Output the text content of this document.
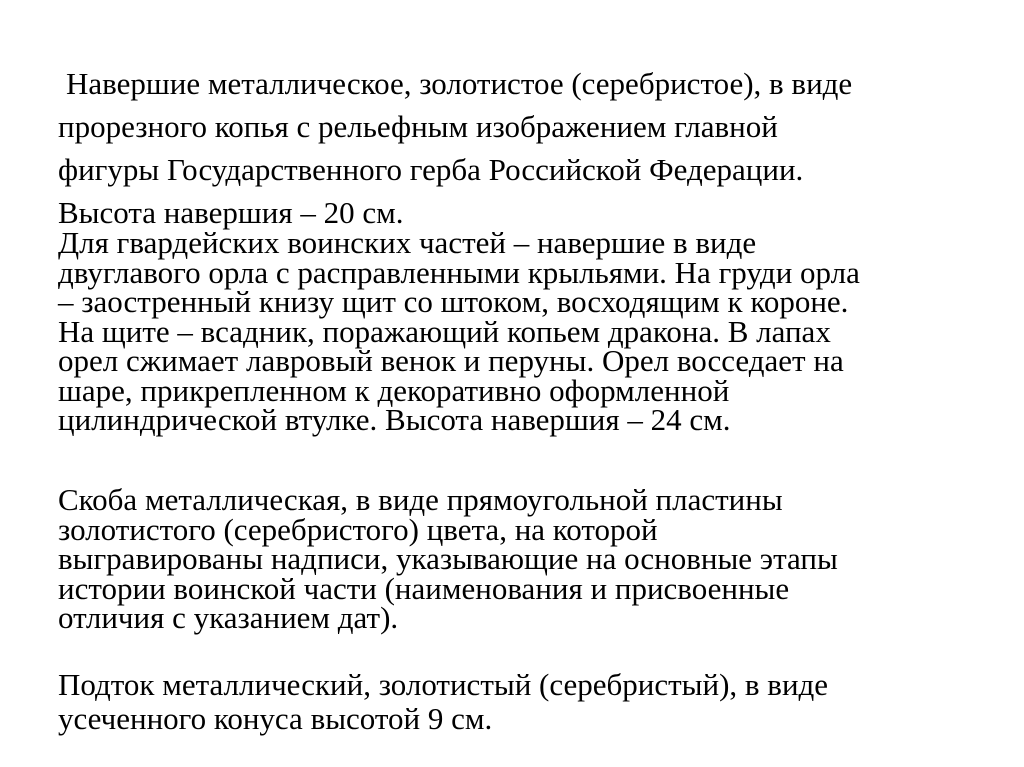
Навершие металлическое, золотистое (серебристое), в виде
прорезного копья с рельефным изображением главной
фигуры Государственного герба Российской Федерации.
Высота навершия – 20 см.

Для гвардейских воинских частей – навершие в виде
двуглавого орла с расправленными крыльями. На груди орла
– заостренный книзу щит со штоком, восходящим к короне.
На щите – всадник, поражающий копьем дракона. В лапах
орел сжимает лавровый венок и перуны. Орел восседает на
шаре, прикрепленном к декоративно оформленной
цилиндрической втулке. Высота навершия – 24 см.

Скоба металлическая, в виде прямоугольной пластины
золотистого (серебристого) цвета, на которой
выгравированы надписи, указывающие на основные этапы
истории воинской части (наименования и присвоенные
отличия с указанием дат).

Подток металлический, золотистый (серебристый), в виде
усеченного конуса высотой 9 см.
